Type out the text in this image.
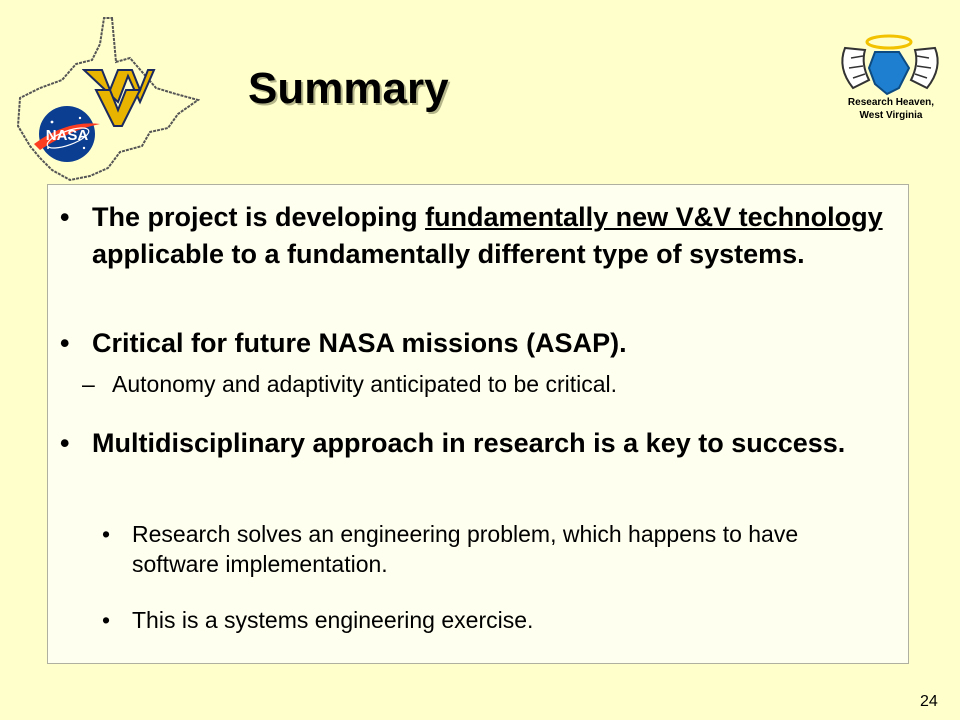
NASA
Summary	Research Heaven,
West Virginia
• The project is developing fundamentally new V&V technology applicable to a fundamentally different type of systems.
• Critical for future NASA missions (ASAP).
– Autonomy and adaptivity anticipated to be critical.
• Multidisciplinary approach in research is a key to success.
• Research solves an engineering problem, which happens to have software implementation.
• This is a systems engineering exercise.
24
